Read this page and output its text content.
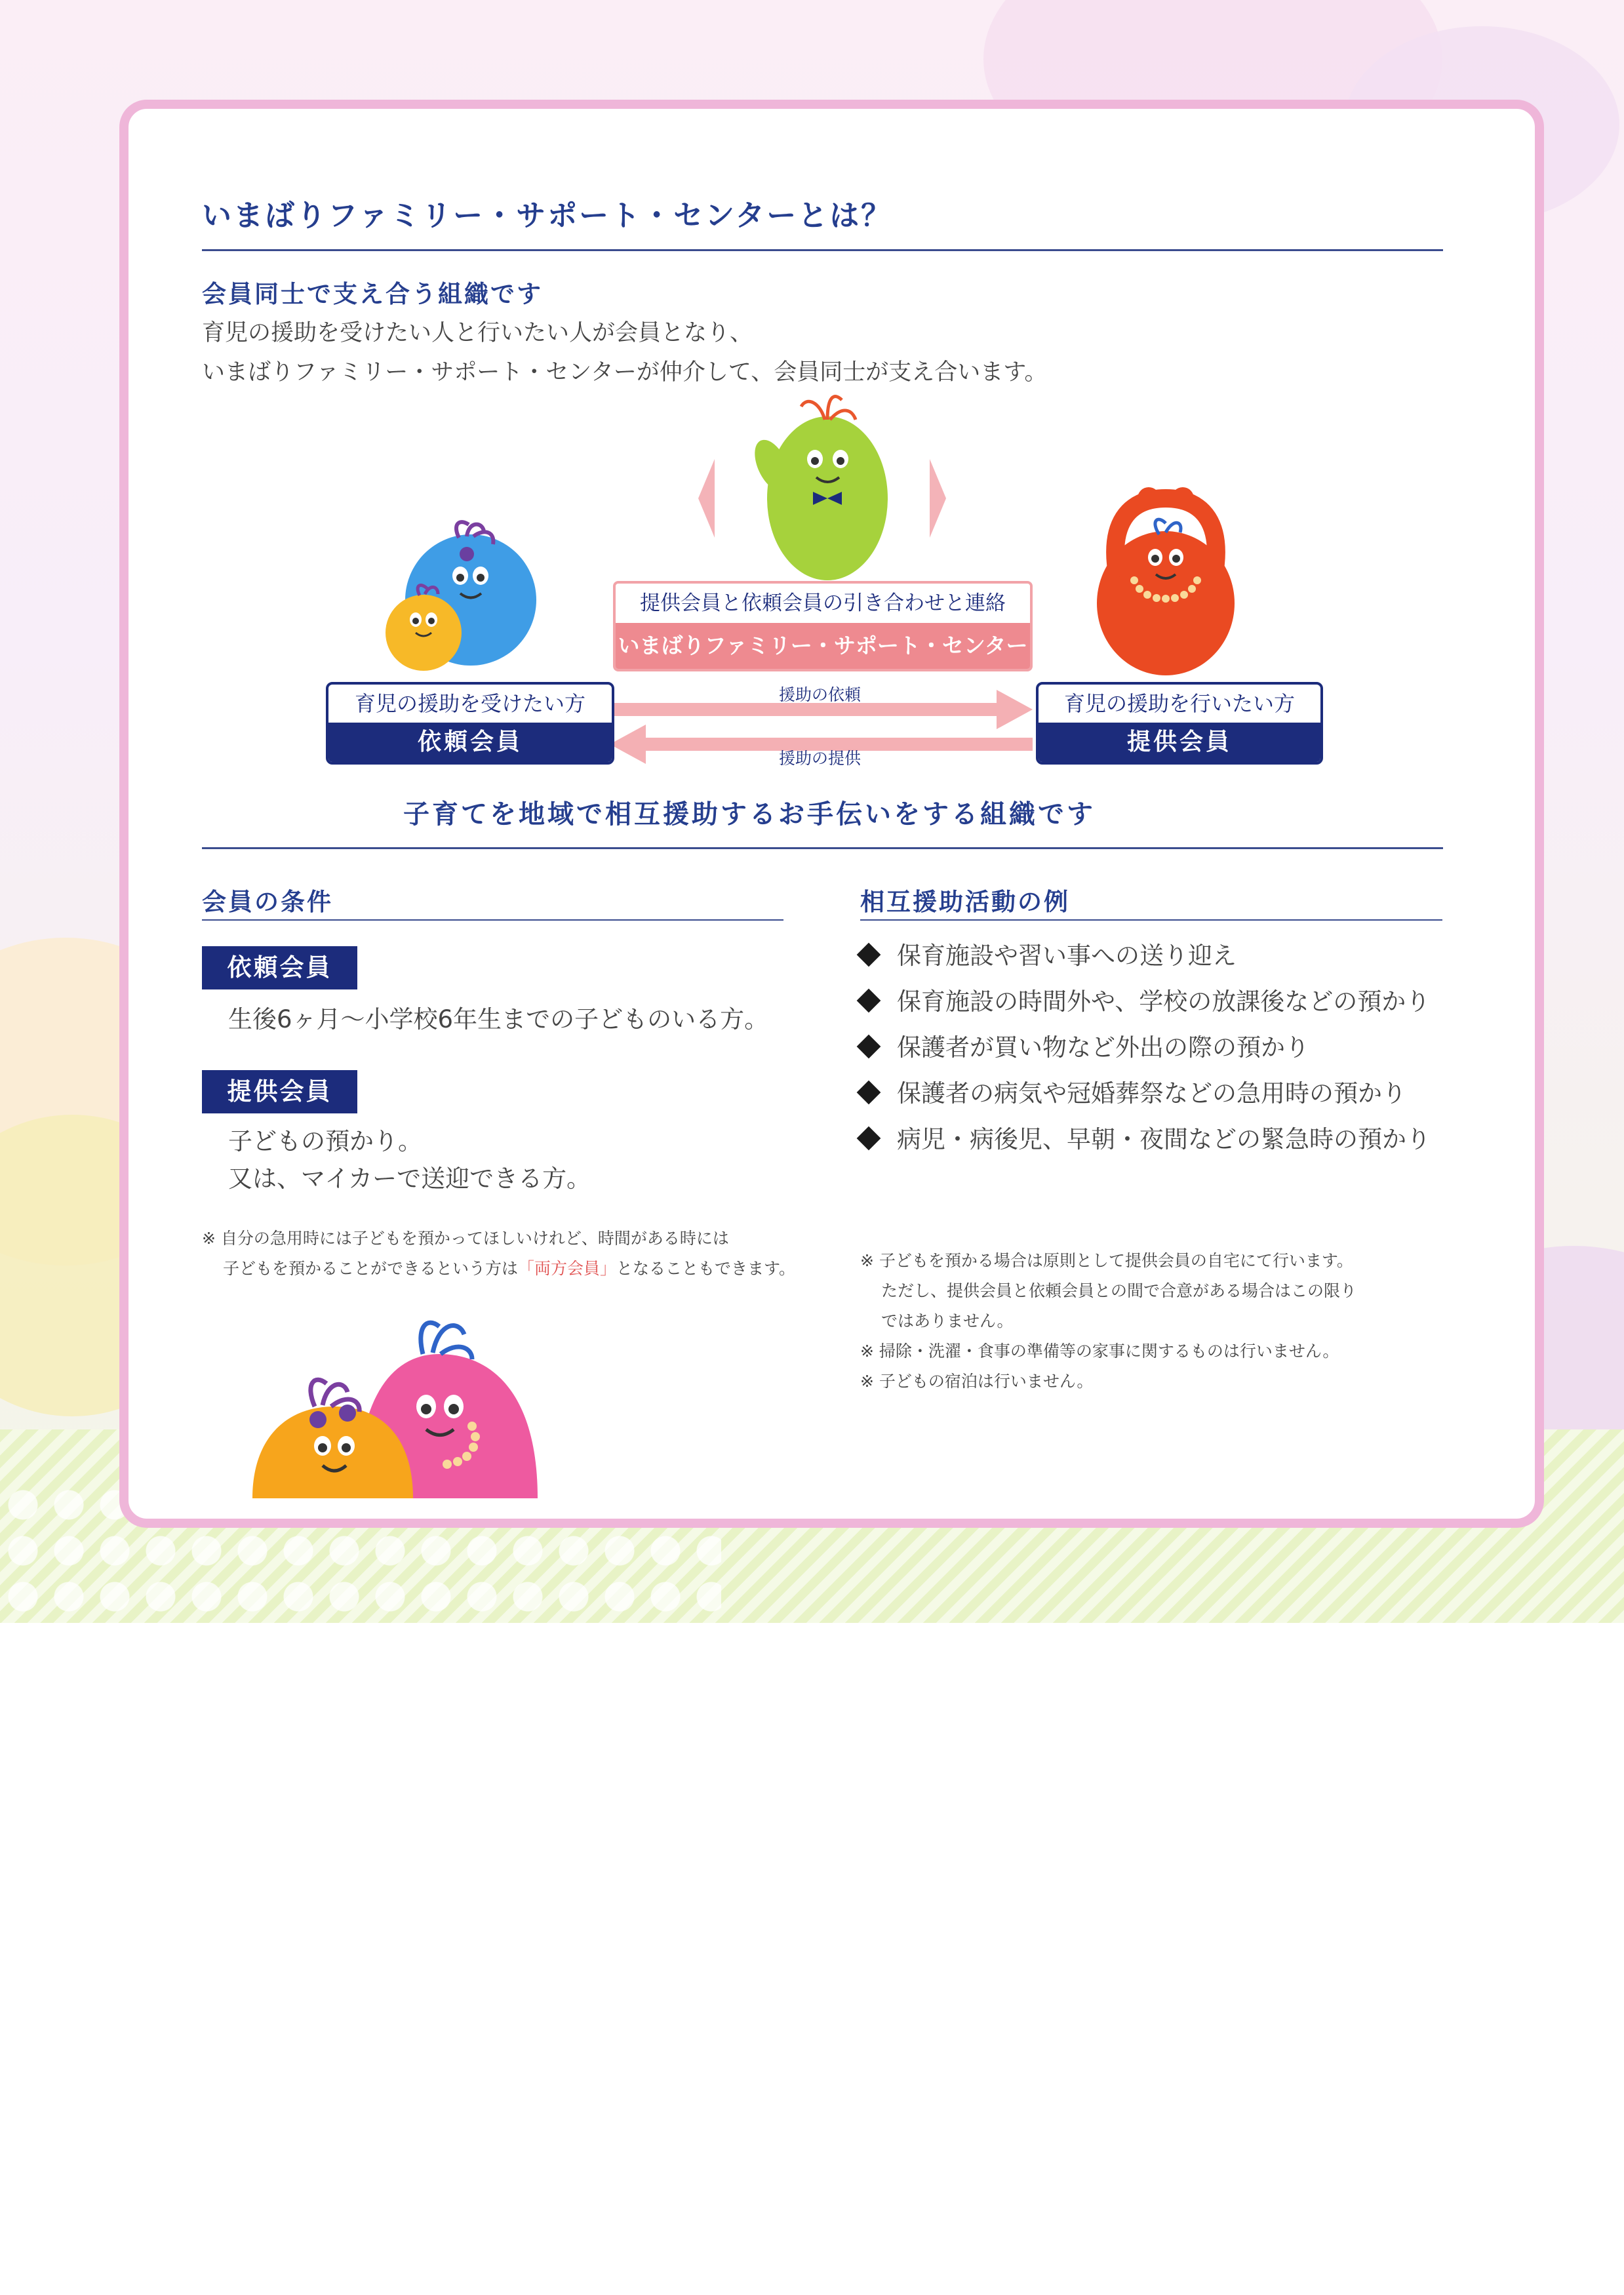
いまばりファミリー・サポート・センターとは？
会員同士で支え合う組織です
育児の援助を受けたい人と行いたい人が会員となり、
いまばりファミリー・サポート・センターが仲介して、会員同士が支え合います。
提供会員と依頼会員の引き合わせと連絡
いまばりファミリー・サポート・センター
育児の援助を受けたい方
依頼会員
育児の援助を行いたい方
提供会員
援助の依頼
援助の提供
子育てを地域で相互援助するお手伝いをする組織です
会員の条件
依頼会員
生後6ヶ月～小学校6年生までの子どものいる方。
提供会員
子どもの預かり。
又は、マイカーで送迎できる方。
※ 自分の急用時には子どもを預かってほしいけれど、時間がある時には
子どもを預かることができるという方は「両方会員」となることもできます。
相互援助活動の例
保育施設や習い事への送り迎え
保育施設の時間外や、学校の放課後などの預かり
保護者が買い物など外出の際の預かり
保護者の病気や冠婚葬祭などの急用時の預かり
病児・病後児、早朝・夜間などの緊急時の預かり
※ 子どもを預かる場合は原則として提供会員の自宅にて行います。
ただし、提供会員と依頼会員との間で合意がある場合はこの限り
ではありません。
※ 掃除・洗濯・食事の準備等の家事に関するものは行いません。
※ 子どもの宿泊は行いません。
